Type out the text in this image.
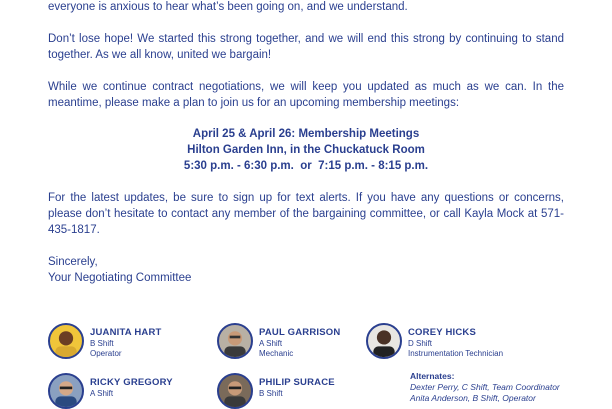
everyone is anxious to hear what’s been going on, and we understand.

Don’t lose hope! We started this strong together, and we will end this strong by continuing to stand together. As we all know, united we bargain!

While we continue contract negotiations, we will keep you updated as much as we can. In the meantime, please make a plan to join us for an upcoming membership meetings:

April 25 & April 26: Membership Meetings
Hilton Garden Inn, in the Chuckatuck Room
5:30 p.m. - 6:30 p.m.  or  7:15 p.m. - 8:15 p.m.

For the latest updates, be sure to sign up for text alerts. If you have any questions or concerns, please don’t hesitate to contact any member of the bargaining committee, or call Kayla Mock at 571-435-1817.

Sincerely,

Your Negotiating Committee

JUANITA HART
B Shift
Operator
PAUL GARRISON
A Shift
Mechanic
COREY HICKS
D Shift
Instrumentation Technician
RICKY GREGORY
A Shift
PHILIP SURACE
B Shift
Alternates:
Dexter Perry, C Shift, Team Coordinator
Anita Anderson, B Shift, Operator
